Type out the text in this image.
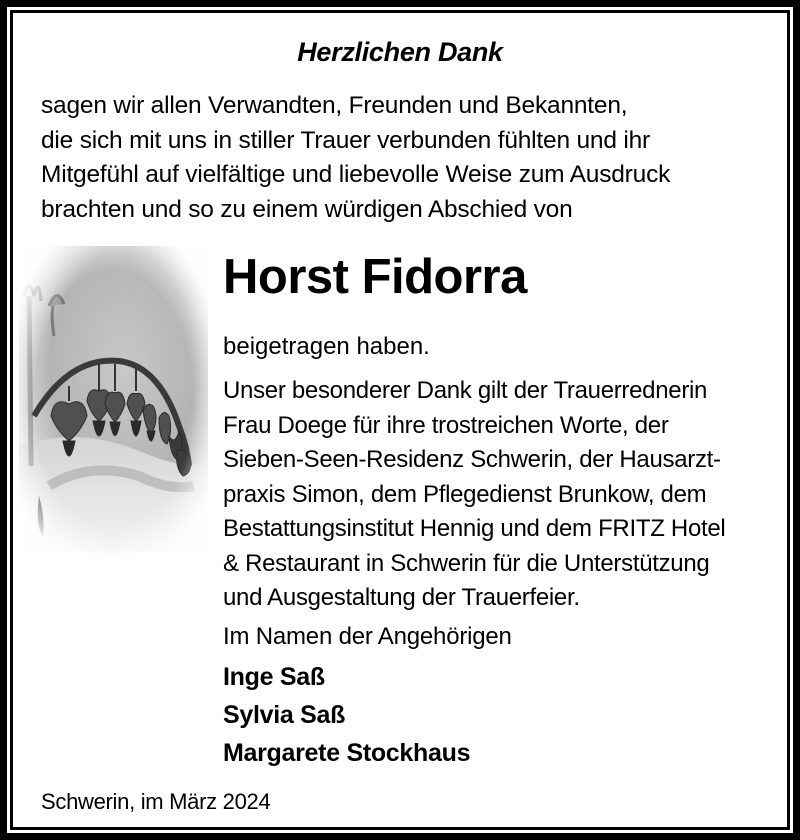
Herzlichen Dank
sagen wir allen Verwandten, Freunden und Bekannten,
die sich mit uns in stiller Trauer verbunden fühlten und ihr
Mitgefühl auf vielfältige und liebevolle Weise zum Ausdruck
brachten und so zu einem würdigen Abschied von
Horst Fidorra
beigetragen haben.
Unser besonderer Dank gilt der Trauerrednerin
Frau Doege für ihre trostreichen Worte, der
Sieben-Seen-Residenz Schwerin, der Hausarzt-
praxis Simon, dem Pflegedienst Brunkow, dem
Bestattungsinstitut Hennig und dem FRITZ Hotel
& Restaurant in Schwerin für die Unterstützung
und Ausgestaltung der Trauerfeier.
Im Namen der Angehörigen
Inge Saß
Sylvia Saß
Margarete Stockhaus
Schwerin, im März 2024
